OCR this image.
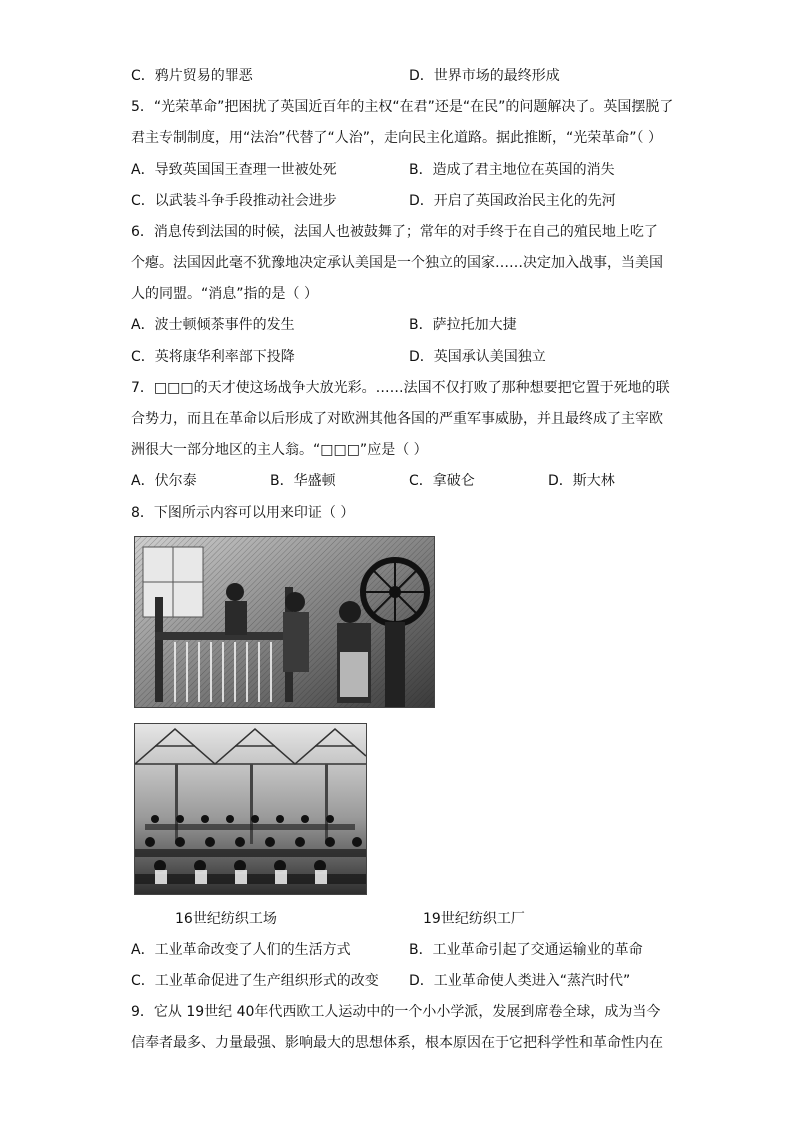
C．鸦片贸易的罪恶	D．世界市场的最终形成
5．“光荣革命”把困扰了英国近百年的主权“在君”还是“在民”的问题解决了。英国摆脱了
君主专制制度，用“法治”代替了“人治”，走向民主化道路。据此推断，“光荣革命”（ ）
A．导致英国国王查理一世被处死	B．造成了君主地位在英国的消失
C．以武装斗争手段推动社会进步	D．开启了英国政治民主化的先河
6．消息传到法国的时候，法国人也被鼓舞了；常年的对手终于在自己的殖民地上吃了
个瘪。法国因此毫不犹豫地决定承认美国是一个独立的国家……决定加入战事，当美国
人的同盟。“消息”指的是（ ）
A．波士顿倾茶事件的发生	B．萨拉托加大捷
C．英将康华利率部下投降	D．英国承认美国独立
7．□□□的天才使这场战争大放光彩。……法国不仅打败了那种想要把它置于死地的联
合势力，而且在革命以后形成了对欧洲其他各国的严重军事威胁，并且最终成了主宰欧
洲很大一部分地区的主人翁。“□□□”应是（ ）
A．伏尔泰	B．华盛顿	C．拿破仑	D．斯大林
8．下图所示内容可以用来印证（ ）
16世纪纺织工场	19世纪纺织工厂
A．工业革命改变了人们的生活方式	B．工业革命引起了交通运输业的革命
C．工业革命促进了生产组织形式的改变 D．工业革命使人类进入“蒸汽时代”
9．它从 19世纪 40年代西欧工人运动中的一个小小学派，发展到席卷全球，成为当今
信奉者最多、力量最强、影响最大的思想体系，根本原因在于它把科学性和革命性内在
